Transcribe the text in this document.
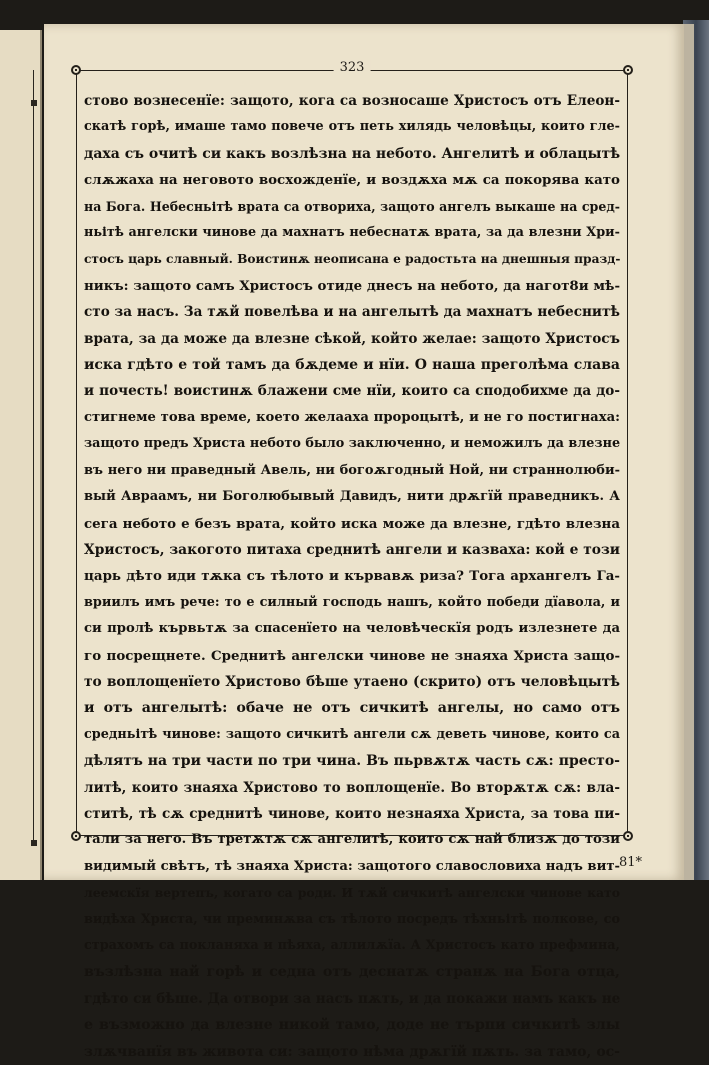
323
стово вознесенїе: защото, кога са возносаше Христосъ отъ Елеон-
скатѣ горѣ, имаше тамо повече отъ петь хилядь человѣцы, които гле-
даха съ очитѣ си какъ возлѣзна на небото. Ангелитѣ и облацытѣ
слѫжаха на неговото восхожденїе, и воздѫха мѫ са покорява като
на Бога. Небесньітѣ врата са отвориха, защото ангелъ выкаше на сред-
ньітѣ ангелски чинове да махнатъ небеснатѫ врата, за да влезни Хри-
стосъ царь славный. Воистинѫ неописана е радостьта на днешныя празд-
никъ: защото самъ Христосъ отиде днесъ на небото, да нагот8и мѣ-
сто за насъ. За тѫй повелѣва и на ангелытѣ да махнатъ небеснитѣ
врата, за да може да влезне сѣкой, който желае: защото Христосъ
иска гдѣто е той тамъ да бѫдеме и нїи. О наша преголѣма слава
и почесть! воистинѫ блажени сме нїи, които са сподобихме да до-
стигнеме това време, което желааха пророцытѣ, и не го постигнаха:
защото предъ Христа небото было заключенно, и неможилъ да влезне
въ него ни праведный Авель, ни богоѫгодный Ной, ни страннолюби-
вый Авраамъ, ни Боголюбывый Давидъ, нити дрѫгїй праведникъ. А
сега небото е безъ врата, който иска може да влезне, гдѣто влезна
Христосъ, закогото питаха среднитѣ ангели и казваха: кой е този
царь дѣто иди тѫка съ тѣлото и кървавѫ риза? Тога архангелъ Га-
вриилъ имъ рече: то е силный господь нашъ, който победи дїавола, и
си пролѣ кървьтѫ за спасенїето на человѣческїя родъ излезнете да
го посрещнете. Среднитѣ ангелски чинове не знаяха Христа защо-
то воплощенїето Христово бѣше утаено (скрито) отъ человѣцытѣ
и отъ ангелытѣ: обаче не отъ сичкитѣ ангелы, но само отъ
средньітѣ чинове: защото сичкитѣ ангели сѫ деветь чинове, които са
дѣлятъ на три части по три чина. Въ пьрвѫтѫ часть сѫ: престо-
литѣ, които знаяха Христово то воплощенїе. Во вторѫтѫ сѫ: вла-
ститѣ, тѣ сѫ среднитѣ чинове, които незнаяха Христа, за това пи-
тали за него. Въ третѫтѫ сѫ ангелитѣ, които сѫ най близѫ до този
видимый свѣтъ, тѣ знаяха Христа: защотого славословиха надъ вит-
леемскїя вертепъ, когато са роди. И тѫй сичкитѣ ангелски чинове като
видѣха Христа, чи преминѫва съ тѣлото посредъ тѣхньітѣ полкове, со
страхомъ са покланяха и пѣяха, аллилѫїа. А Христосъ като префмина,
възлѣзна най горѣ и седна отъ деснатѫ странѫ на Бога отца,
гдѣто си бѣше. Да отвори за насъ пѫть, и да покажи намъ какъ не
е възможно да влезне никой тамо, доде не търпи сичкитѣ злы
злѫчванїя въ живота си: защото нѣма дрѫгїй пѫть. за тамо, ос-
81*
